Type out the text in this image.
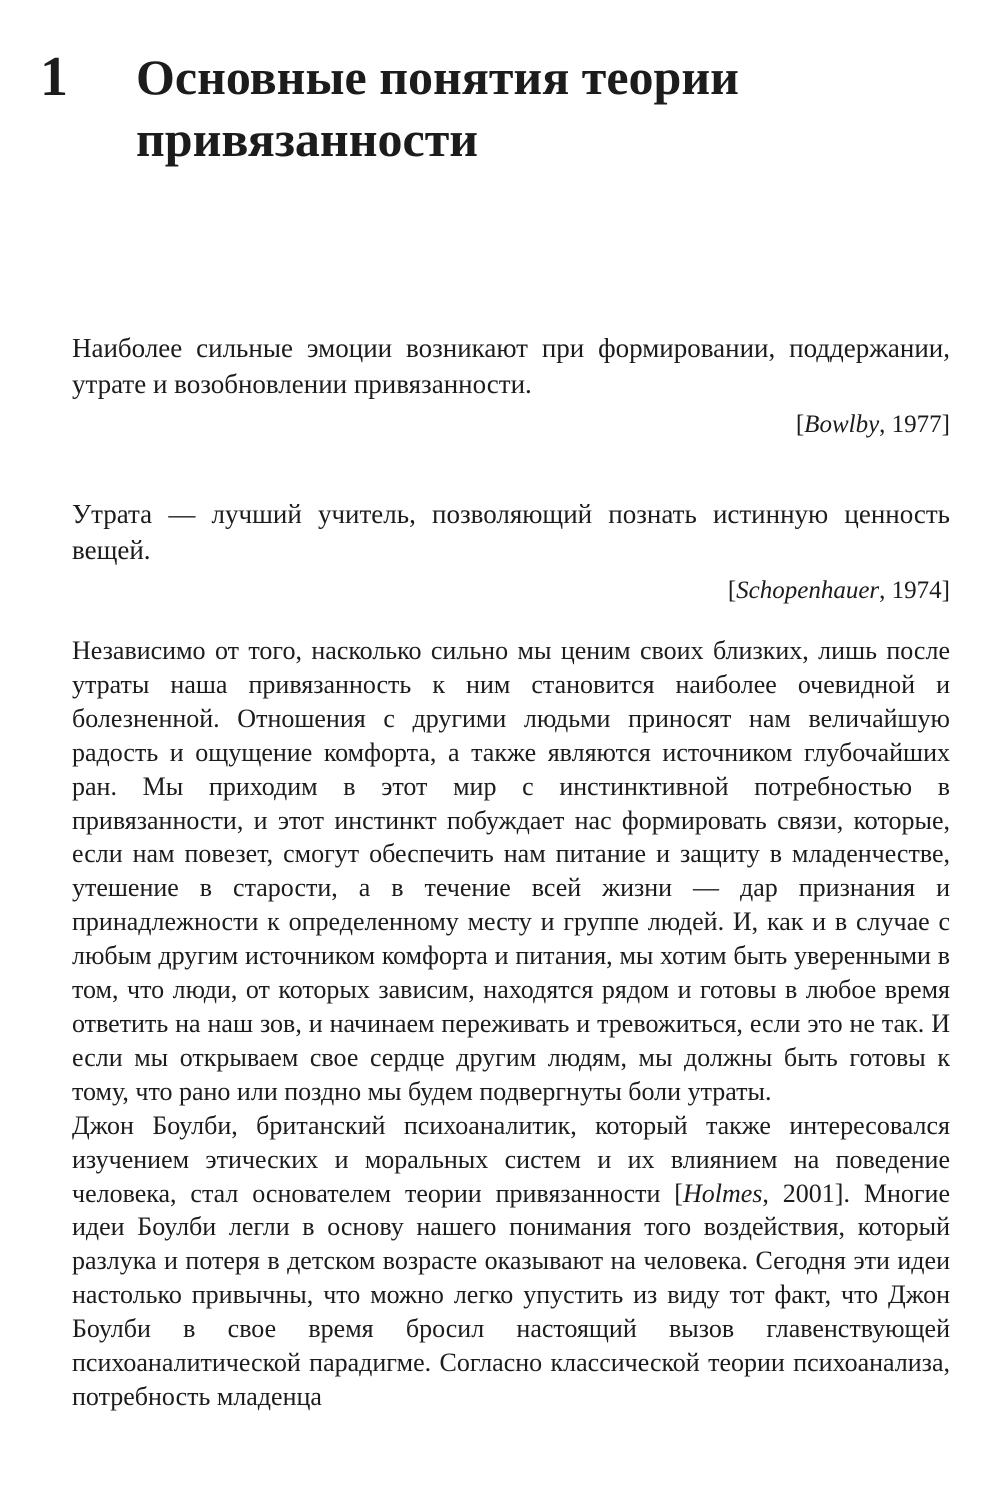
1 Основные понятия теории привязанности

Наиболее сильные эмоции возникают при формировании, поддержании, утрате и возобновлении привязанности.

[Bowlby, 1977]

Утрата — лучший учитель, позволяющий познать истинную ценность вещей.

[Schopenhauer, 1974]

Независимо от того, насколько сильно мы ценим своих близких, лишь после утраты наша привязанность к ним становится наиболее очевидной и болезненной. Отношения с другими людьми приносят нам величайшую радость и ощущение комфорта, а также являются источником глубочайших ран. Мы приходим в этот мир с инстинктивной потребностью в привязанности, и этот инстинкт побуждает нас формировать связи, которые, если нам повезет, смогут обеспечить нам питание и защиту в младенчестве, утешение в старости, а в течение всей жизни — дар признания и принадлежности к определенному месту и группе людей. И, как и в случае с любым другим источником комфорта и питания, мы хотим быть уверенными в том, что люди, от которых зависим, находятся рядом и готовы в любое время ответить на наш зов, и начинаем переживать и тревожиться, если это не так. И если мы открываем свое сердце другим людям, мы должны быть готовы к тому, что рано или поздно мы будем подвергнуты боли утраты.

Джон Боулби, британский психоаналитик, который также интересовался изучением этических и моральных систем и их влиянием на поведение человека, стал основателем теории привязанности [Holmes, 2001]. Многие идеи Боулби легли в основу нашего понимания того воздействия, который разлука и потеря в детском возрасте оказывают на человека. Сегодня эти идеи настолько привычны, что можно легко упустить из виду тот факт, что Джон Боулби в свое время бросил настоящий вызов главенствующей психоаналитической парадигме. Согласно классической теории психоанализа, потребность младенца
